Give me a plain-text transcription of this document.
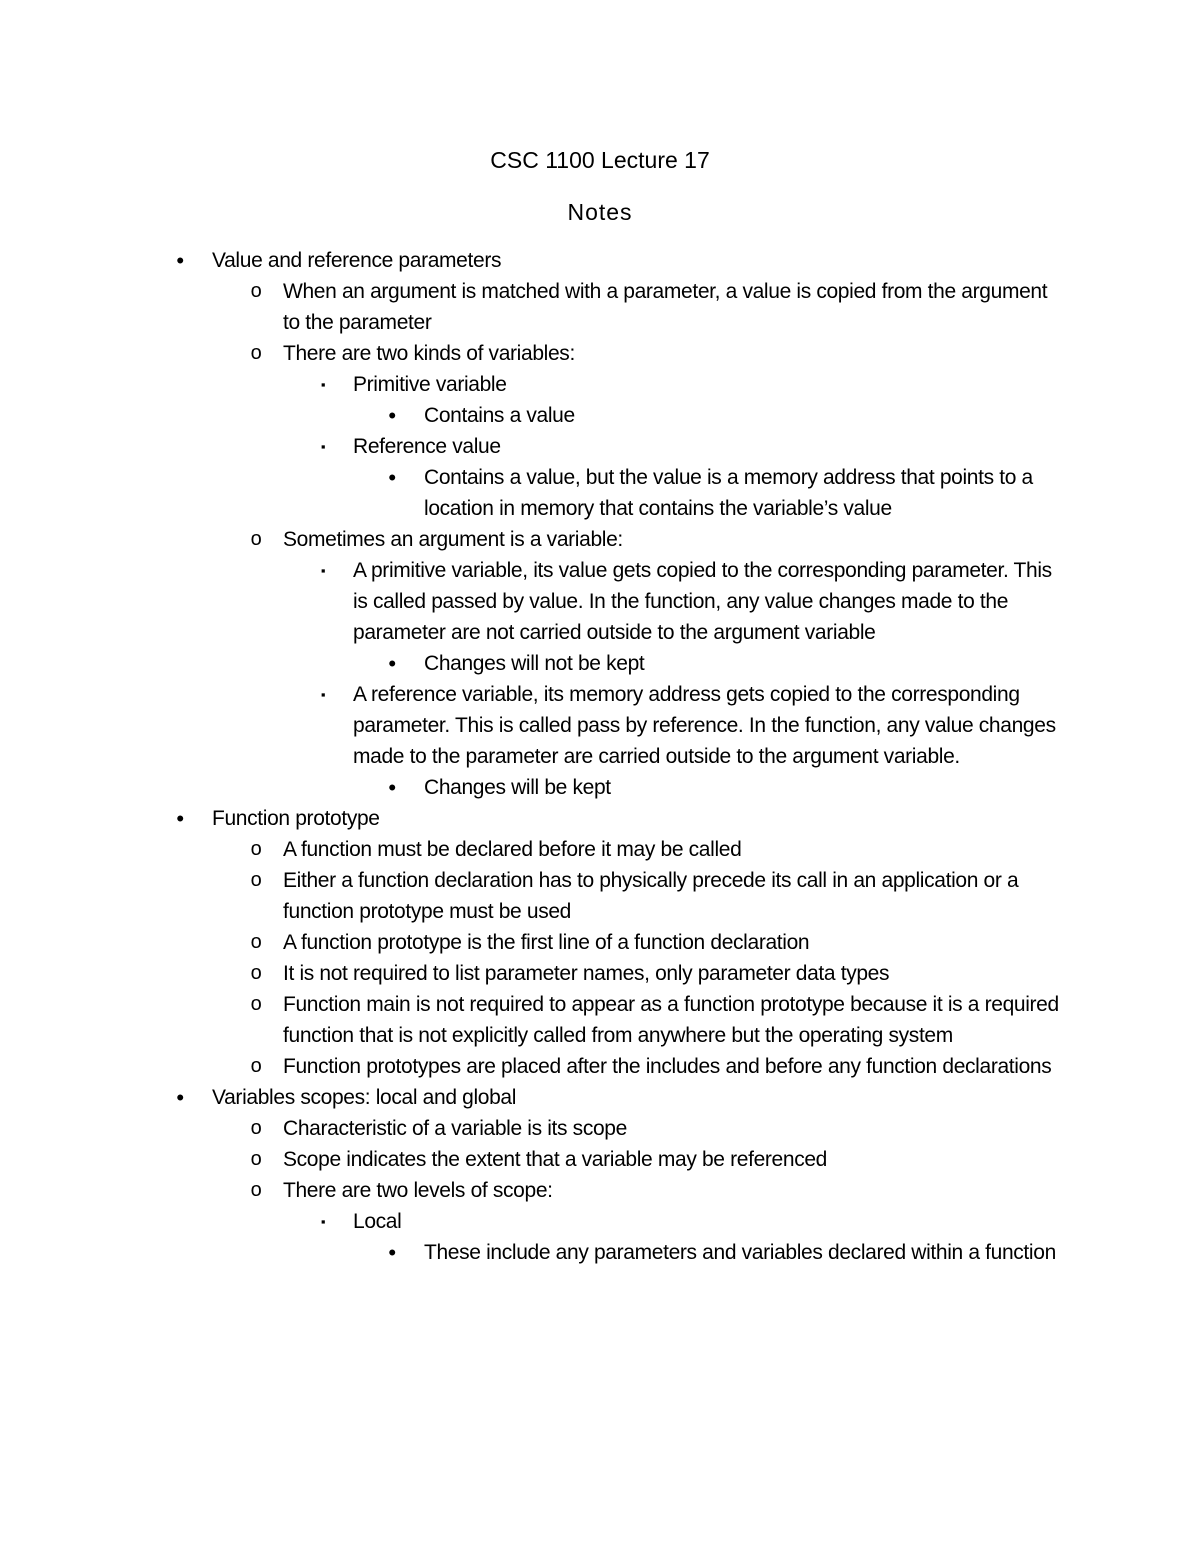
CSC 1100 Lecture 17
Notes
•	Value and reference parameters
o When an argument is matched with a parameter, a value is copied from the argument to the parameter
o There are two kinds of variables:
▪	Primitive variable
•	Contains a value
▪	Reference value
•	Contains a value, but the value is a memory address that points to a location in memory that contains the variable’s value
o Sometimes an argument is a variable:
▪	A primitive variable, its value gets copied to the corresponding parameter. This is called passed by value. In the function, any value changes made to the parameter are not carried outside to the argument variable
•	Changes will not be kept
▪	A reference variable, its memory address gets copied to the corresponding parameter. This is called pass by reference. In the function, any value changes made to the parameter are carried outside to the argument variable.
•	Changes will be kept
•	Function prototype
o A function must be declared before it may be called
o Either a function declaration has to physically precede its call in an application or a function prototype must be used
o A function prototype is the first line of a function declaration
o It is not required to list parameter names, only parameter data types
o Function main is not required to appear as a function prototype because it is a required function that is not explicitly called from anywhere but the operating system
o Function prototypes are placed after the includes and before any function declarations
•	Variables scopes: local and global
o Characteristic of a variable is its scope
o Scope indicates the extent that a variable may be referenced
o There are two levels of scope:
▪	Local
•	These include any parameters and variables declared within a function
